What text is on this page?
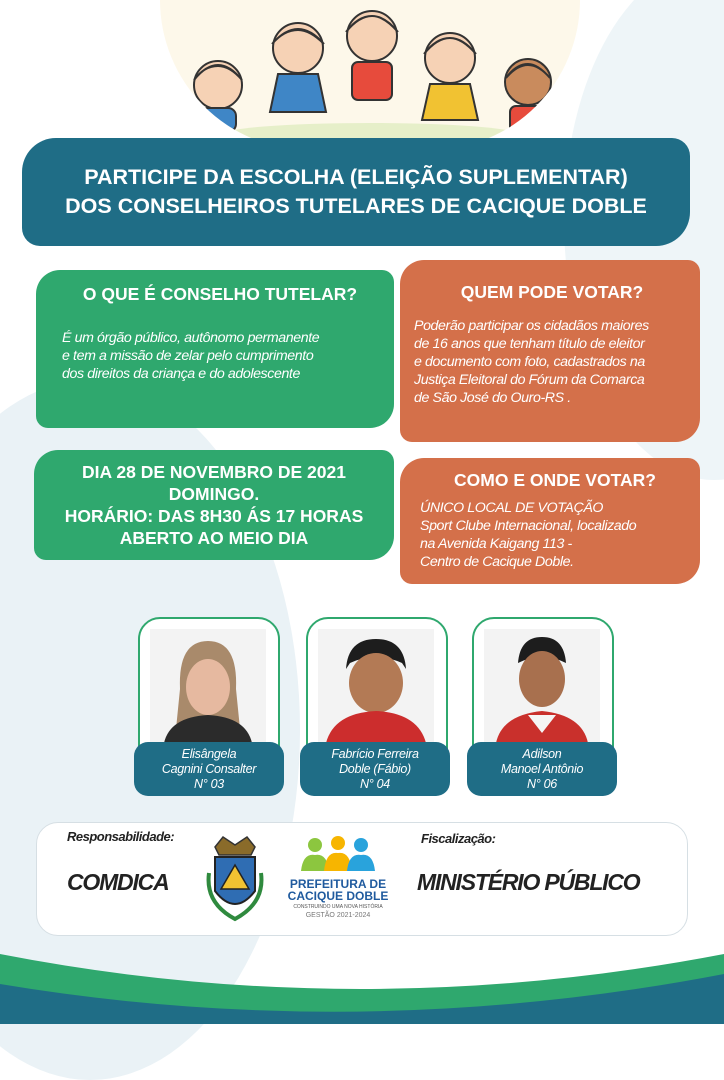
PARTICIPE DA ESCOLHA (ELEIÇÃO SUPLEMENTAR)
DOS CONSELHEIROS TUTELARES DE CACIQUE DOBLE
O QUE É CONSELHO TUTELAR?

É um órgão público, autônomo permanente
e tem a missão de zelar pelo cumprimento
dos direitos da criança e do adolescente

QUEM PODE VOTAR?

Poderão participar os cidadãos maiores
de 16 anos que tenham título de eleitor
e documento com foto, cadastrados na
Justiça Eleitoral do Fórum da Comarca
de São José do Ouro-RS .

DIA 28 DE NOVEMBRO DE 2021
DOMINGO.
HORÁRIO: DAS 8H30 ÁS 17 HORAS
ABERTO AO MEIO DIA
COMO E ONDE VOTAR?

ÚNICO LOCAL DE VOTAÇÃO
Sport Clube Internacional, localizado
na Avenida Kaigang 113 -
Centro de Cacique Doble.

Elisângela
Cagnini Consalter
N° 03
Fabrício Ferreira
Doble (Fábio)
N° 04
Adilson
Manoel Antônio
N° 06
Responsabilidade:
COMDICA	PREFEITURA DE
CACIQUE DOBLE
CONSTRUINDO UMA NOVA HISTÓRIA
GESTÃO 2021-2024
Fiscalização:
MINISTÉRIO PÚBLICO
